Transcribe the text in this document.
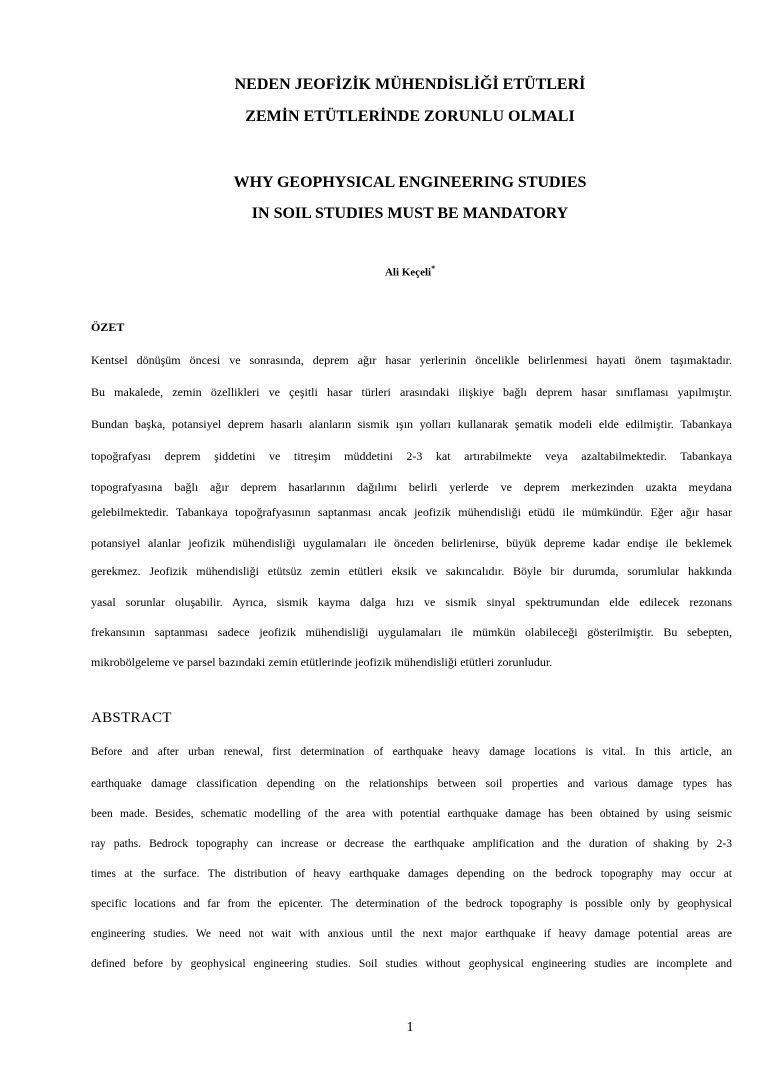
NEDEN JEOFİZİK MÜHENDİSLİĞİ ETÜTLERİ
ZEMİN ETÜTLERİNDE ZORUNLU OLMALI
WHY GEOPHYSICAL ENGINEERING STUDIES
IN SOIL STUDIES MUST BE MANDATORY
Ali Keçeli*
ÖZET
Kentsel dönüşüm öncesi ve sonrasında, deprem ağır hasar yerlerinin öncelikle belirlenmesi hayati önem taşımaktadır.
Bu makalede, zemin özellikleri ve çeşitli hasar türleri arasındaki ilişkiye bağlı deprem hasar sınıflaması yapılmıştır.
Bundan başka, potansiyel deprem hasarlı alanların sismik ışın yolları kullanarak şematik modeli elde edilmiştir. Tabankaya
topoğrafyası deprem şiddetini ve titreşim müddetini 2-3 kat artırabilmekte veya azaltabilmektedir. Tabankaya
topografyasına bağlı ağır deprem hasarlarının dağılımı belirli yerlerde ve deprem merkezinden uzakta meydana
gelebilmektedir. Tabankaya topoğrafyasının saptanması ancak jeofizik mühendisliği etüdü ile mümkündür. Eğer ağır hasar
potansiyel alanlar jeofizik mühendisliği uygulamaları ile önceden belirlenirse, büyük depreme kadar endişe ile beklemek
gerekmez. Jeofizik mühendisliği etütsüz zemin etütleri eksik ve sakıncalıdır. Böyle bir durumda, sorumlular hakkında
yasal sorunlar oluşabilir. Ayrıca, sismik kayma dalga hızı ve sismik sinyal spektrumundan elde edilecek rezonans
frekansının saptanması sadece jeofizik mühendisliği uygulamaları ile mümkün olabileceği gösterilmiştir. Bu sebepten,
mikrobölgeleme ve parsel bazındaki zemin etütlerinde jeofizik mühendisliği etütleri zorunludur.
ABSTRACT
Before and after urban renewal, first determination of earthquake heavy damage locations is vital. In this article, an
earthquake damage classification depending on the relationships between soil properties and various damage types has
been made. Besides, schematic modelling of the area with potential earthquake damage has been obtained by using seismic
ray paths. Bedrock topography can increase or decrease the earthquake amplification and the duration of shaking by 2-3
times at the surface. The distribution of heavy earthquake damages depending on the bedrock topography may occur at
specific locations and far from the epicenter. The determination of the bedrock topography is possible only by geophysical
engineering studies. We need not wait with anxious until the next major earthquake if heavy damage potential areas are
defined before by geophysical engineering studies. Soil studies without geophysical engineering studies are incomplete and
1
